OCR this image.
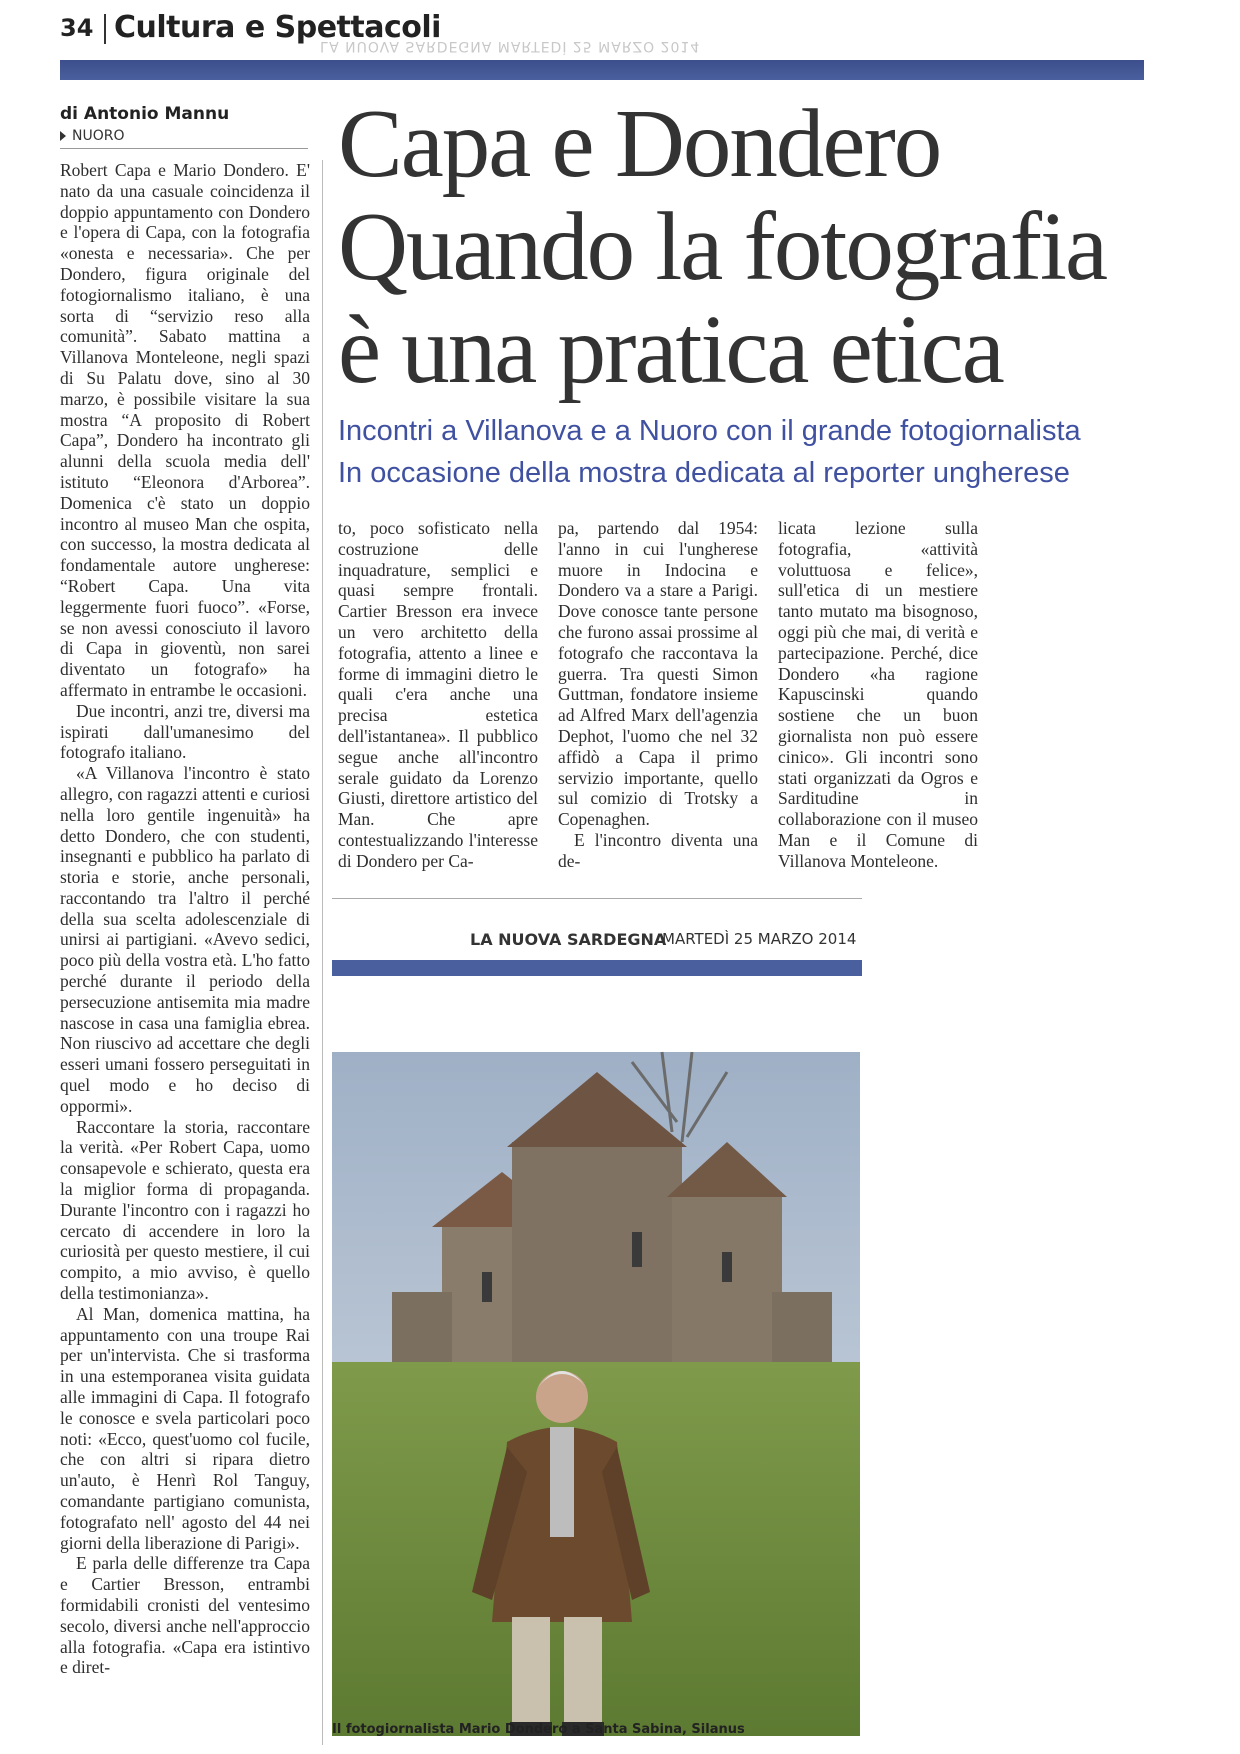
34 Cultura e Spettacoli
LA NUOVA SARDEGNA MARTEDÌ 25 MARZO 2014
di Antonio Mannu
NUORO Capa e Dondero
Quando la fotografia
è una pratica etica
Incontri a Villanova e a Nuoro con il grande fotogiornalista
In occasione della mostra dedicata al reporter ungherese

Robert Capa e Mario Dondero. E' nato da una casuale coincidenza il doppio appuntamento con Dondero e l'opera di Capa, con la fotografia «onesta e necessaria». Che per Dondero, figura originale del fotogiornalismo italiano, è una sorta di “servizio reso alla comunità”. Sabato mattina a Villanova Monteleone, negli spazi di Su Palatu dove, sino al 30 marzo, è possibile visitare la sua mostra “A proposito di Robert Capa”, Dondero ha incontrato gli alunni della scuola media dell' istituto “Eleonora d'Arborea”. Domenica c'è stato un doppio incontro al museo Man che ospita, con successo, la mostra dedicata al fondamentale autore ungherese: “Robert Capa. Una vita leggermente fuori fuoco”. «Forse, se non avessi conosciuto il lavoro di Capa in gioventù, non sarei diventato un fotografo» ha affermato in entrambe le occasioni.

Due incontri, anzi tre, diversi ma ispirati dall'umanesimo del fotografo italiano.

«A Villanova l'incontro è stato allegro, con ragazzi attenti e curiosi nella loro gentile ingenuità» ha detto Dondero, che con studenti, insegnanti e pubblico ha parlato di storia e storie, anche personali, raccontando tra l'altro il perché della sua scelta adolescenziale di unirsi ai partigiani. «Avevo sedici, poco più della vostra età. L'ho fatto perché durante il periodo della persecuzione antisemita mia madre nascose in casa una famiglia ebrea. Non riuscivo ad accettare che degli esseri umani fossero perseguitati in quel modo e ho deciso di oppormi».

Raccontare la storia, raccontare la verità. «Per Robert Capa, uomo consapevole e schierato, questa era la miglior forma di propaganda. Durante l'incontro con i ragazzi ho cercato di accendere in loro la curiosità per questo mestiere, il cui compito, a mio avviso, è quello della testimonianza».

Al Man, domenica mattina, ha appuntamento con una troupe Rai per un'intervista. Che si trasforma in una estemporanea visita guidata alle immagini di Capa. Il fotografo le conosce e svela particolari poco noti: «Ecco, quest'uomo col fucile, che con altri si ripara dietro un'auto, è Henrì Rol Tanguy, comandante partigiano comunista, fotografato nell' agosto del 44 nei giorni della liberazione di Parigi».

E parla delle differenze tra Capa e Cartier Bresson, entrambi formidabili cronisti del ventesimo secolo, diversi anche nell'approccio alla fotografia. «Capa era istintivo e diret-

to, poco sofisticato nella costruzione delle inquadrature, semplici e quasi sempre frontali. Cartier Bresson era invece un vero architetto della fotografia, attento a linee e forme di immagini dietro le quali c'era anche una precisa estetica dell'istantanea». Il pubblico segue anche all'incontro serale guidato da Lorenzo Giusti, direttore artistico del Man. Che apre contestualizzando l'interesse di Dondero per Ca-

pa, partendo dal 1954: l'anno in cui l'ungherese muore in Indocina e Dondero va a stare a Parigi. Dove conosce tante persone che furono assai prossime al fotografo che raccontava la guerra. Tra questi Simon Guttman, fondatore insieme ad Alfred Marx dell'agenzia Dephot, l'uomo che nel 32 affidò a Capa il primo servizio importante, quello sul comizio di Trotsky a Copenaghen.

E l'incontro diventa una de-

licata lezione sulla fotografia, «attività voluttuosa e felice», sull'etica di un mestiere tanto mutato ma bisognoso, oggi più che mai, di verità e partecipazione. Perché, dice Dondero «ha ragione Kapuscinski quando sostiene che un buon giornalista non può essere cinico». Gli incontri sono stati organizzati da Ogros e Sarditudine in collaborazione con il museo Man e il Comune di Villanova Monteleone.

LA NUOVA SARDEGNA
MARTEDÌ 25 MARZO 2014
Il fotogiornalista Mario Dondero a Santa Sabina, Silanus
